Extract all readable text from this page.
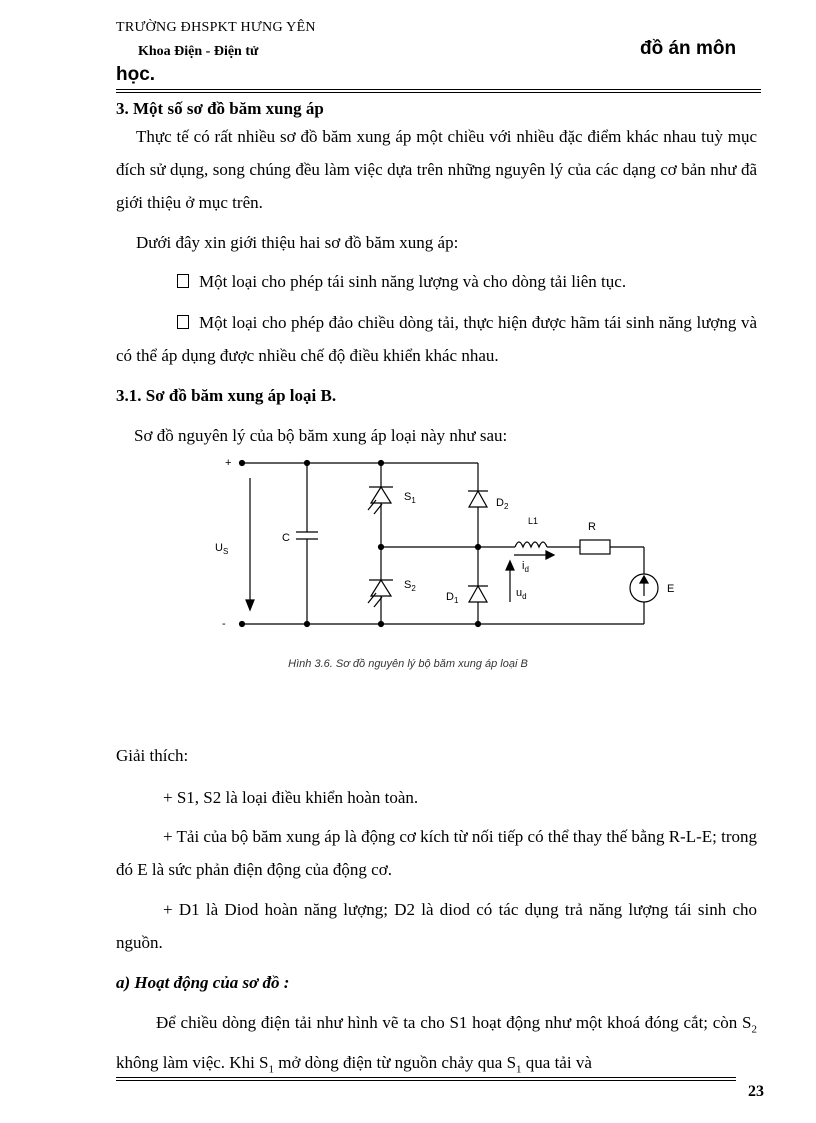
TRƯỜNG ĐHSPKT HƯNG YÊN
Khoa Điện - Điện tử	đồ án môn
học.
3. Một số sơ đồ băm xung áp
Thực tế có rất nhiều sơ đồ băm xung áp một chiều với nhiều đặc điểm khác nhau tuỳ mục đích sử dụng, song chúng đều làm việc dựa trên những nguyên lý của các dạng cơ bản như đã giới thiệu ở mục trên.
Dưới đây xin giới thiệu hai sơ đồ băm xung áp:
Một loại cho phép tái sinh năng lượng và cho dòng tải liên tục.
Một loại cho phép đảo chiều dòng tải, thực hiện được hãm tái sinh năng lượng và có thể áp dụng được nhiều chế độ điều khiển khác nhau.
3.1. Sơ đồ băm xung áp loại B.
Sơ đồ nguyên lý của bộ băm xung áp loại này như sau:
+
-
$U_S$
C
$S_1$
$S_2$
$D_2$
$D_1$
L1	R
E
$i_d$
$u_d$
Hình 3.6. Sơ đồ nguyên lý bộ băm xung áp loại B
Giải thích:
+ S1, S2 là loại điều khiển hoàn toàn.
+ Tải của bộ băm xung áp là động cơ kích từ nối tiếp có thể thay thế bằng R-L-E; trong đó E là sức phản điện động của động cơ.
+ D1 là Diod hoàn năng lượng; D2 là diod có tác dụng trả năng lượng tái sinh cho nguồn.
a) Hoạt động của sơ đồ :
Để chiều dòng điện tải như hình vẽ ta cho S1 hoạt động như một khoá đóng cắt; còn $S_2$ không làm việc. Khi $S_1$ mở dòng điện từ nguồn chảy qua $S_1$ qua tải và
23
